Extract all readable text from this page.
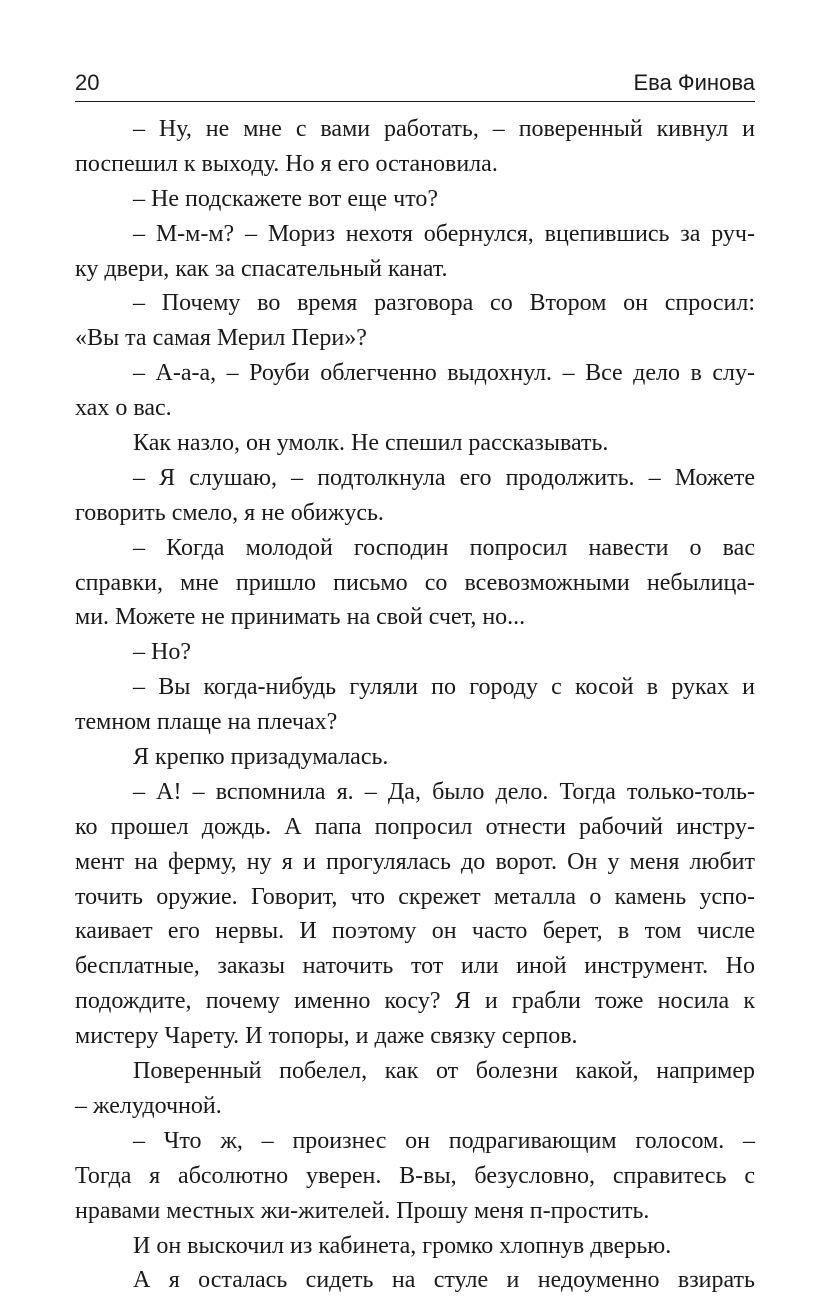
20	Ева Финова
– Ну, не мне с вами работать, – поверенный кивнул и
поспешил к выходу. Но я его остановила.
– Не подскажете вот еще что?
– М-м-м? – Мориз нехотя обернулся, вцепившись за руч-
ку двери, как за спасательный канат.
– Почему во время разговора со Втором он спросил:
«Вы та самая Мерил Пери»?
– А-а-а, – Роуби облегченно выдохнул. – Все дело в слу-
хах о вас.
Как назло, он умолк. Не спешил рассказывать.
– Я слушаю, – подтолкнула его продолжить. – Можете
говорить смело, я не обижусь.
– Когда молодой господин попросил навести о вас
справки, мне пришло письмо со всевозможными небылица-
ми. Можете не принимать на свой счет, но...
– Но?
– Вы когда-нибудь гуляли по городу с косой в руках и
темном плаще на плечах?
Я крепко призадумалась.
– А! – вспомнила я. – Да, было дело. Тогда только-толь-
ко прошел дождь. А папа попросил отнести рабочий инстру-
мент на ферму, ну я и прогулялась до ворот. Он у меня любит
точить оружие. Говорит, что скрежет металла о камень успо-
каивает его нервы. И поэтому он часто берет, в том числе
бесплатные, заказы наточить тот или иной инструмент. Но
подождите, почему именно косу? Я и грабли тоже носила к
мистеру Чарету. И топоры, и даже связку серпов.
Поверенный побелел, как от болезни какой, например
– желудочной.
– Что ж, – произнес он подрагивающим голосом. –
Тогда я абсолютно уверен. В-вы, безусловно, справитесь с
нравами местных жи-жителей. Прошу меня п-простить.
И он выскочил из кабинета, громко хлопнув дверью.
А я осталась сидеть на стуле и недоуменно взирать
